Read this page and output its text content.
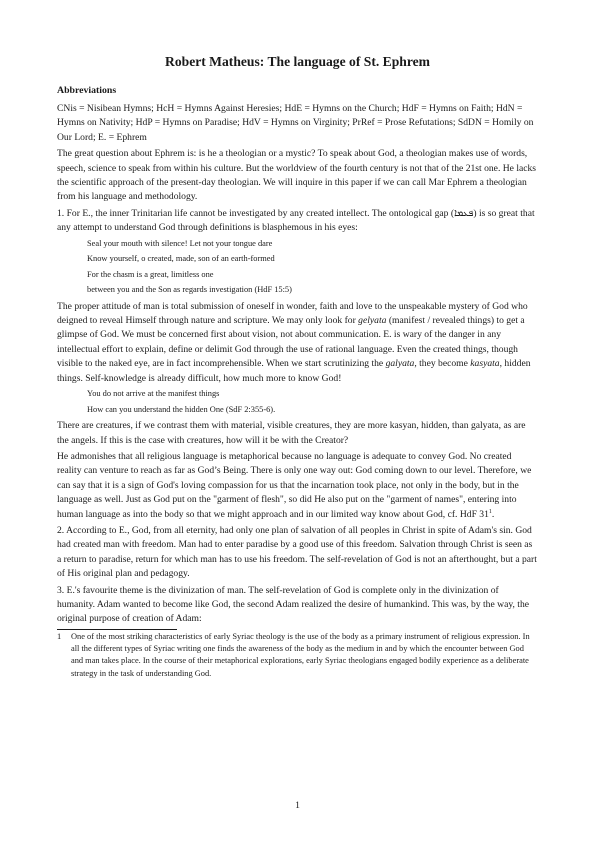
Robert Matheus: The language of St. Ephrem
Abbreviations

CNis = Nisibean Hymns; HcH = Hymns Against Heresies; HdE = Hymns on the Church; HdF = Hymns on Faith; HdN = Hymns on Nativity; HdP = Hymns on Paradise; HdV = Hymns on Virginity; PrRef = Prose Refutations; SdDN = Homily on Our Lord; E. = Ephrem

The great question about Ephrem is: is he a theologian or a mystic? To speak about God, a theologian makes use of words, speech, science to speak from within his culture. But the worldview of the fourth century is not that of the 21st one. He lacks the scientific approach of the present-day theologian. We will inquire in this paper if we can call Mar Ephrem a theologian from his language and methodology.

1. For E., the inner Trinitarian life cannot be investigated by any created intellect. The ontological gap (ܦܥܡܐ) is so great that any attempt to understand God through definitions is blasphemous in his eyes:

Seal your mouth with silence! Let not your tongue dare
Know yourself, o created, made, son of an earth-formed
For the chasm is a great, limitless one
between you and the Son as regards investigation (HdF 15:5)

The proper attitude of man is total submission of oneself in wonder, faith and love to the unspeakable mystery of God who deigned to reveal Himself through nature and scripture. We may only look for gelyata (manifest / revealed things) to get a glimpse of God. We must be concerned first about vision, not about communication. E. is wary of the danger in any intellectual effort to explain, define or delimit God through the use of rational language. Even the created things, though visible to the naked eye, are in fact incomprehensible. When we start scrutinizing the galyata, they become kasyata, hidden things. Self-knowledge is already difficult, how much more to know God!

You do not arrive at the manifest things
How can you understand the hidden One (SdF 2:355-6).

There are creatures, if we contrast them with material, visible creatures, they are more kasyan, hidden, than galyata, as are the angels. If this is the case with creatures, how will it be with the Creator?

He admonishes that all religious language is metaphorical because no language is adequate to convey God. No created reality can venture to reach as far as God’s Being. There is only one way out: God coming down to our level. Therefore, we can say that it is a sign of God's loving compassion for us that the incarnation took place, not only in the body, but in the language as well. Just as God put on the "garment of flesh", so did He also put on the "garment of names", entering into human language as into the body so that we might approach and in our limited way know about God, cf. HdF $31^1$.

2. According to E., God, from all eternity, had only one plan of salvation of all peoples in Christ in spite of Adam's sin. God had created man with freedom. Man had to enter paradise by a good use of this freedom. Salvation through Christ is seen as a return to paradise, return for which man has to use his freedom. The self-revelation of God is not an afterthought, but a part of His original plan and pedagogy.

3. E.'s favourite theme is the divinization of man. The self-revelation of God is complete only in the divinization of humanity. Adam wanted to become like God, the second Adam realized the desire of humankind. This was, by the way, the original purpose of creation of Adam:

1	One of the most striking characteristics of early Syriac theology is the use of the body as a primary instrument of religious expression. In all the different types of Syriac writing one finds the awareness of the body as the medium in and by which the encounter between God and man takes place. In the course of their metaphorical explorations, early Syriac theologians engaged bodily experience as a deliberate strategy in the task of understanding God.
1
